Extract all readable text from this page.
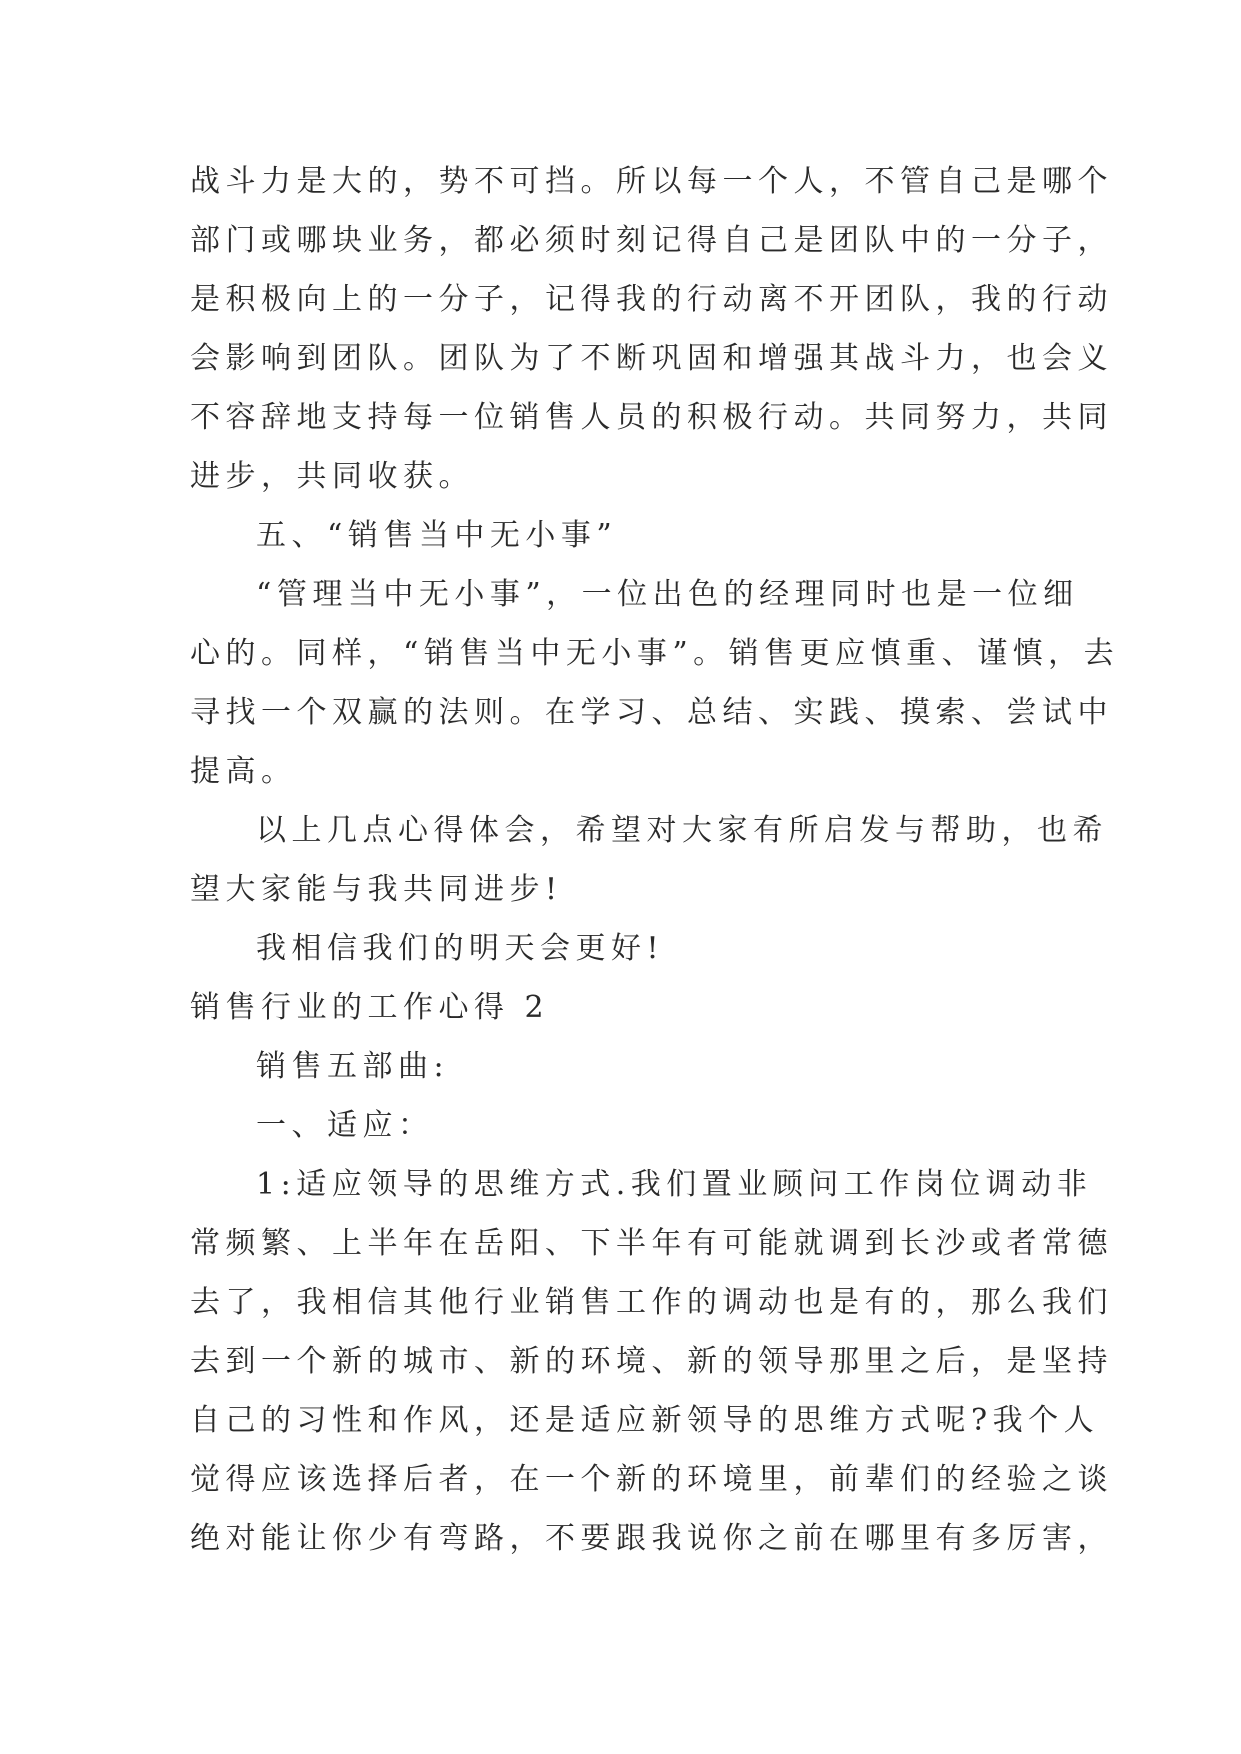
战斗力是大的，势不可挡。所以每一个人，不管自己是哪个
部门或哪块业务，都必须时刻记得自己是团队中的一分子，
是积极向上的一分子，记得我的行动离不开团队，我的行动
会影响到团队。团队为了不断巩固和增强其战斗力，也会义
不容辞地支持每一位销售人员的积极行动。共同努力，共同
进步，共同收获。
五、“销售当中无小事”
“管理当中无小事”，一位出色的经理同时也是一位细
心的。同样，“销售当中无小事”。销售更应慎重、谨慎，去
寻找一个双赢的法则。在学习、总结、实践、摸索、尝试中
提高。
以上几点心得体会，希望对大家有所启发与帮助，也希
望大家能与我共同进步!
我相信我们的明天会更好!
销售行业的工作心得 2
销售五部曲:
一、适应：
1:适应领导的思维方式.我们置业顾问工作岗位调动非
常频繁、上半年在岳阳、下半年有可能就调到长沙或者常德
去了，我相信其他行业销售工作的调动也是有的，那么我们
去到一个新的城市、新的环境、新的领导那里之后，是坚持
自己的习性和作风，还是适应新领导的思维方式呢?我个人
觉得应该选择后者，在一个新的环境里，前辈们的经验之谈
绝对能让你少有弯路，不要跟我说你之前在哪里有多厉害，
